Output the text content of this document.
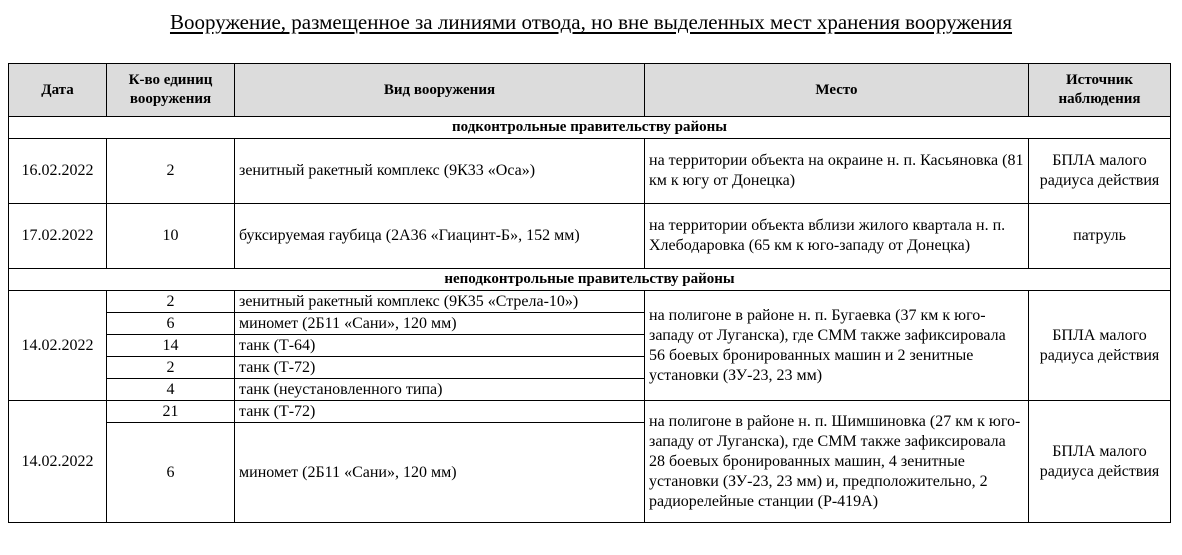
Вооружение, размещенное за линиями отвода, но вне выделенных мест хранения вооружения
Дата	К-во единиц вооружения	Вид вооружения	Место	Источник наблюдения
подконтрольные правительству районы				
16.02.2022	2	зенитный ракетный комплекс (9К33 «Оса»)	на территории объекта на окраине н. п. Касьяновка (81 км к югу от Донецка)	БПЛА малого радиуса действия
17.02.2022	10	буксируемая гаубица (2А36 «Гиацинт-Б», 152 мм)	на территории объекта вблизи жилого квартала н. п. Хлебодаровка (65 км к юго-западу от Донецка)	патруль
неподконтрольные правительству районы				
14.02.2022	2	зенитный ракетный комплекс (9К35 «Стрела-10»)	на полигоне в районе н. п. Бугаевка (37 км к юго-западу от Луганска), где СММ также зафиксировала 56 боевых бронированных машин и 2 зенитные установки (ЗУ-23, 23 мм)	БПЛА малого радиуса действия
	6	миномет (2Б11 «Сани», 120 мм)		
	14	танк (Т-64)		
	2	танк (Т-72)		
	4	танк (неустановленного типа)		
14.02.2022	21	танк (Т-72)	на полигоне в районе н. п. Шимшиновка (27 км к юго-западу от Луганска), где СММ также зафиксировала 28 боевых бронированных машин, 4 зенитные установки (ЗУ-23, 23 мм) и, предположительно, 2 радиорелейные станции (Р-419А)	БПЛА малого радиуса действия
	6	миномет (2Б11 «Сани», 120 мм)		
